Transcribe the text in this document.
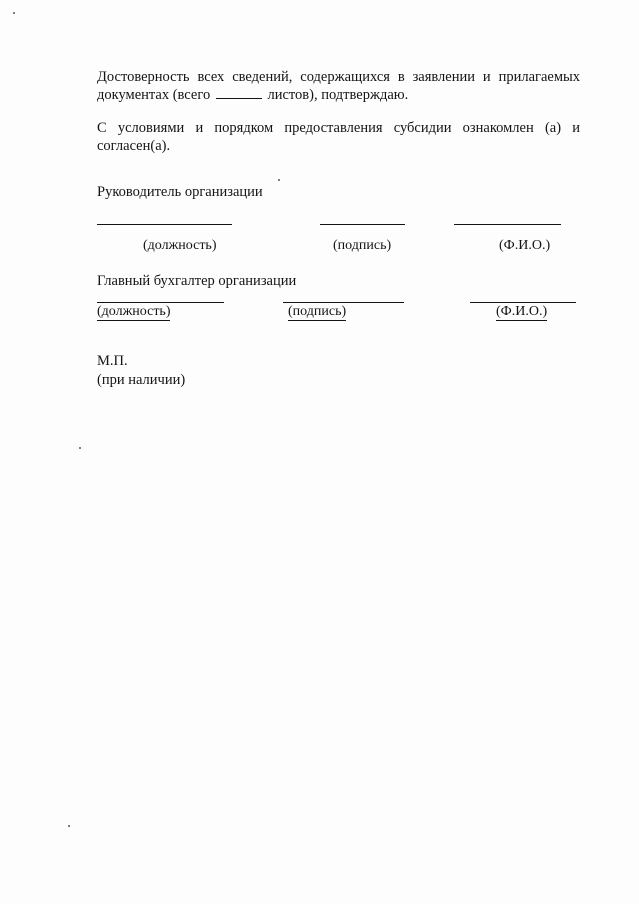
Достоверность всех сведений, содержащихся в заявлении и прилагаемых документах (всего	листов), подтверждаю.
С условиями и порядком предоставления субсидии ознакомлен (а) и согласен(а).
Руководитель организации
(должность)	(подпись)	(Ф.И.О.)
Главный бухгалтер организации
(должность)	(подпись)	(Ф.И.О.)
М.П.
(при наличии)
